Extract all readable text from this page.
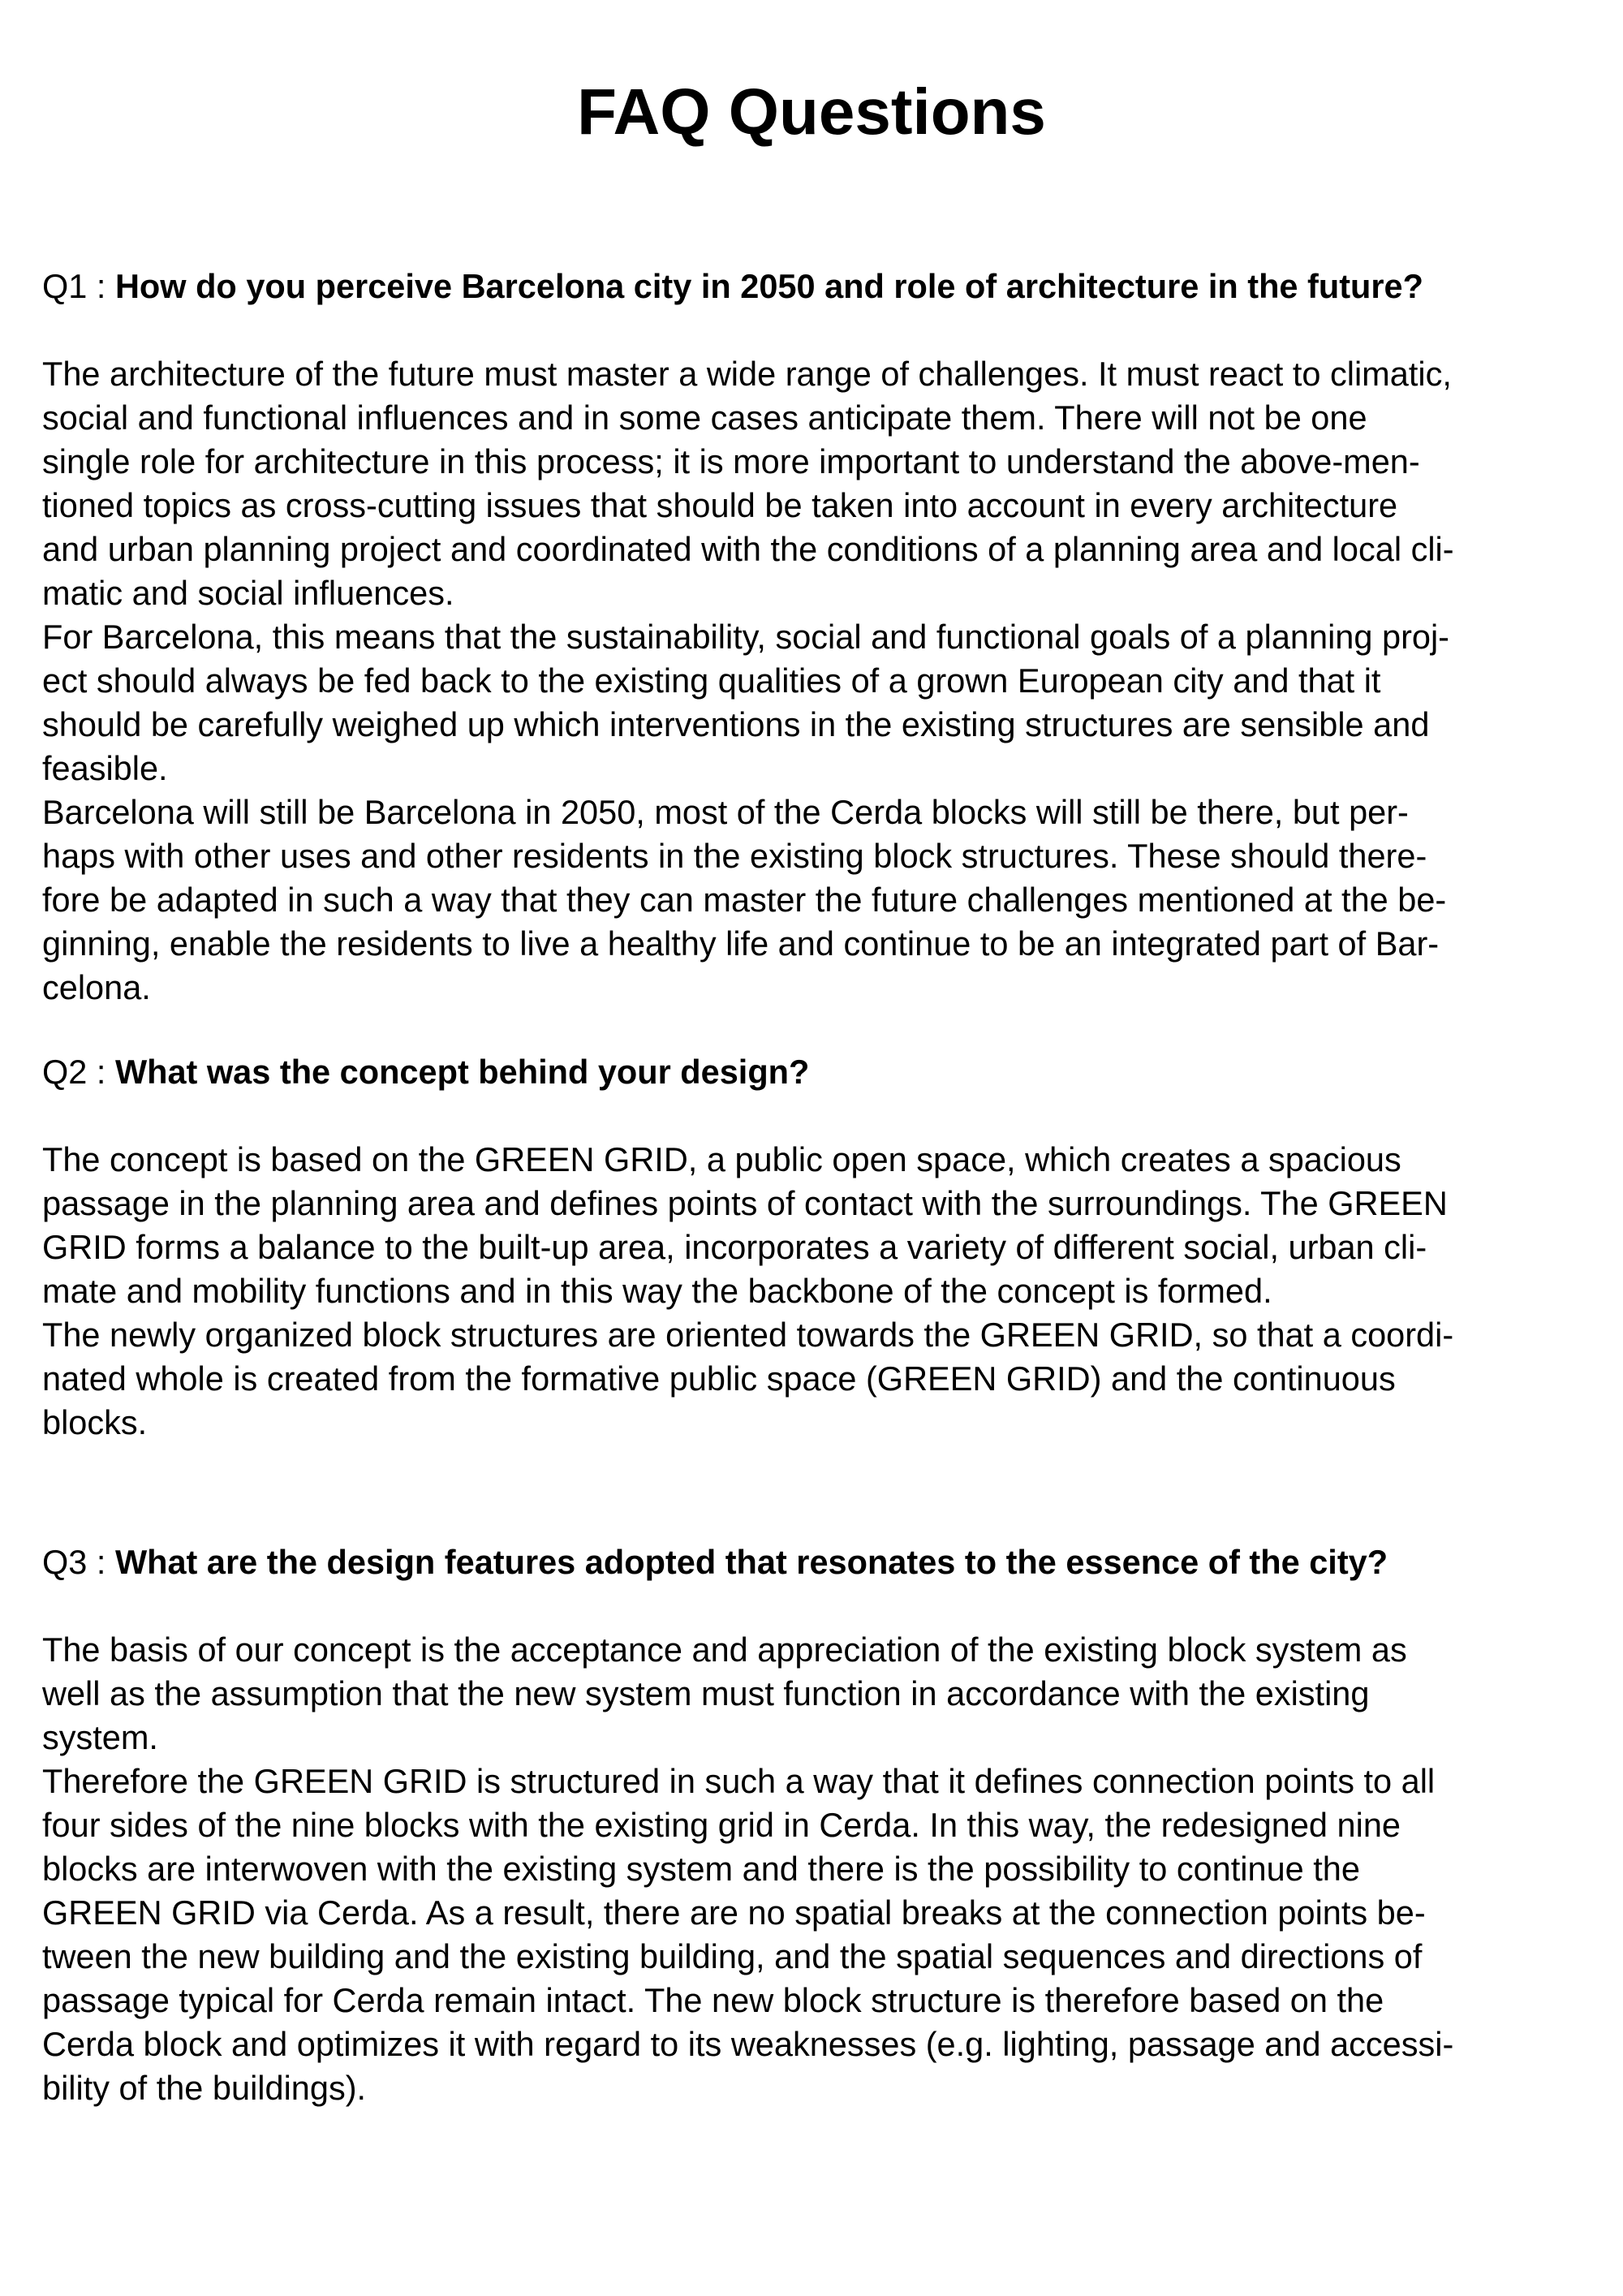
FAQ Questions

Q1 : How do you perceive Barcelona city in 2050 and role of architecture in the future?

The architecture of the future must master a wide range of challenges. It must react to climatic,
social and functional influences and in some cases anticipate them. There will not be one
single role for architecture in this process; it is more important to understand the above-men-
tioned topics as cross-cutting issues that should be taken into account in every architecture
and urban planning project and coordinated with the conditions of a planning area and local cli-
matic and social influences.

For Barcelona, this means that the sustainability, social and functional goals of a planning proj-
ect should always be fed back to the existing qualities of a grown European city and that it
should be carefully weighed up which interventions in the existing structures are sensible and
feasible.

Barcelona will still be Barcelona in 2050, most of the Cerda blocks will still be there, but per-
haps with other uses and other residents in the existing block structures. These should there-
fore be adapted in such a way that they can master the future challenges mentioned at the be-
ginning, enable the residents to live a healthy life and continue to be an integrated part of Bar-
celona.

Q2 : What was the concept behind your design?

The concept is based on the GREEN GRID, a public open space, which creates a spacious
passage in the planning area and defines points of contact with the surroundings. The GREEN
GRID forms a balance to the built-up area, incorporates a variety of different social, urban cli-
mate and mobility functions and in this way the backbone of the concept is formed.

The newly organized block structures are oriented towards the GREEN GRID, so that a coordi-
nated whole is created from the formative public space (GREEN GRID) and the continuous
blocks.

Q3 : What are the design features adopted that resonates to the essence of the city?

The basis of our concept is the acceptance and appreciation of the existing block system as
well as the assumption that the new system must function in accordance with the existing
system.

Therefore the GREEN GRID is structured in such a way that it defines connection points to all
four sides of the nine blocks with the existing grid in Cerda. In this way, the redesigned nine
blocks are interwoven with the existing system and there is the possibility to continue the
GREEN GRID via Cerda. As a result, there are no spatial breaks at the connection points be-
tween the new building and the existing building, and the spatial sequences and directions of
passage typical for Cerda remain intact. The new block structure is therefore based on the
Cerda block and optimizes it with regard to its weaknesses (e.g. lighting, passage and accessi-
bility of the buildings).
